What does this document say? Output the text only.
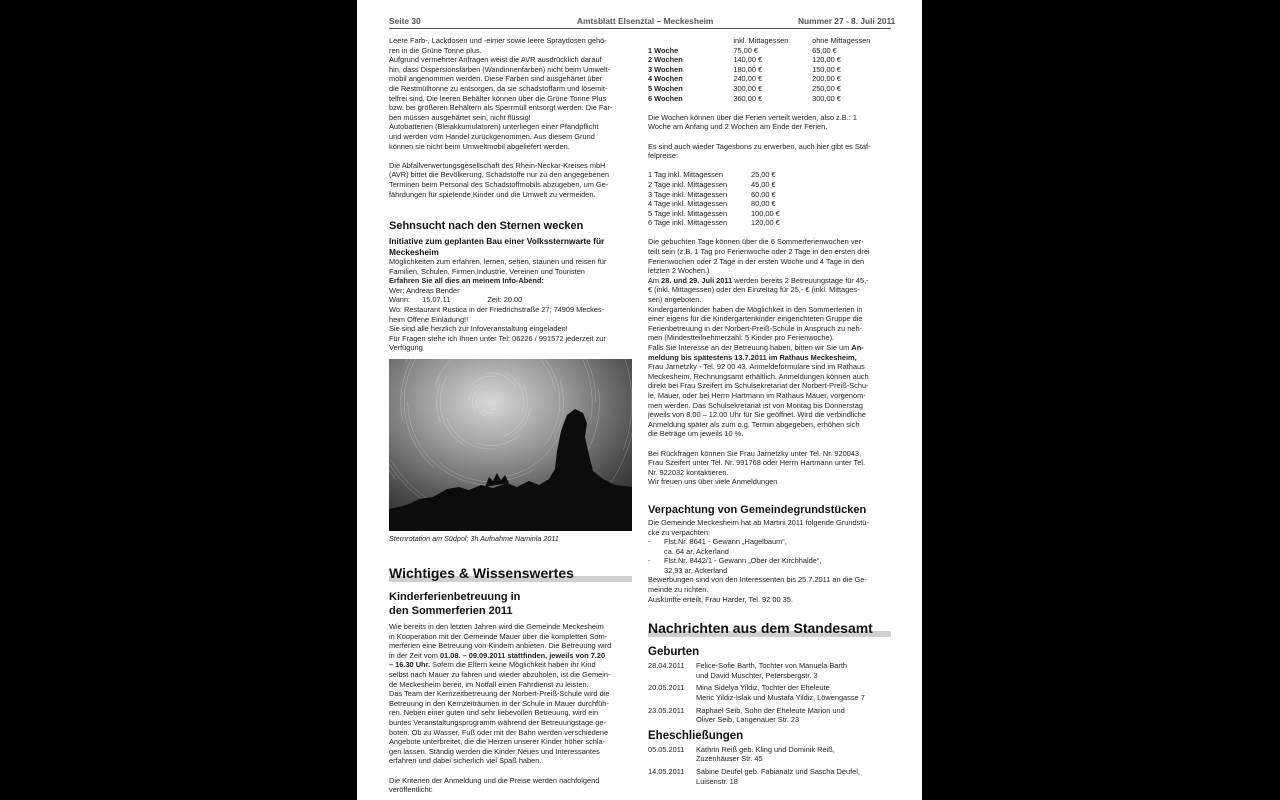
Seite 30	Amtsblatt Elsenztal – Meckesheim	Nummer 27 - 8. Juli 2011
Leere Farb-, Lackdosen und -eimer sowie leere Spraydosen gehö-
ren in die Grüne Tonne plus.
Aufgrund vermehrter Anfragen weist die AVR ausdrücklich darauf
hin, dass Dispersionsfarben (Wandinnenfarben) nicht beim Umwelt-
mobil angenommen werden. Diese Farben sind ausgehärtet über
die Restmülltonne zu entsorgen, da sie schadstoffarm und lösemit-
telfrei sind. Die leeren Behälter können über die Grüne Tonne Plus
bzw. bei größeren Behältern als Sperrmüll entsorgt werden. Die Far-
ben müssen ausgehärtet sein, nicht flüssig!
Autobatterien (Bleiakkumulatoren) unterliegen einer Pfandpflicht
und werden vom Handel zurückgenommen. Aus diesem Grund
können sie nicht beim Umweltmobil abgeliefert werden.
Die Abfallverwertungsgesellschaft des Rhein-Neckar-Kreises mbH
(AVR) bittet die Bevölkerung, Schadstoffe nur zu den angegebenen
Terminen beim Personal des Schadstoffmobils abzugeben, um Ge-
fährdungen für spielende Kinder und die Umwelt zu vermeiden.
Sehnsucht nach den Sternen wecken
Initiative zum geplanten Bau einer Volkssternwarte für Meckesheim
Möglichkeiten zum erfahren, lernen, sehen, staunen und reisen für
Familien, Schulen, Firmen,Industrie, Vereinen und Touristen
Erfahren Sie all dies an meinem Info-Abend:
Wer: Andreas Bender
Wann: 15.07.11	Zeit: 20.00
Wo: Restaurant Rustica in der Friedrichstraße 27; 74909 Meckes-
heim Offene Einladung!!
Sie sind alle herzlich zur Infoveranstaltung eingeladen!
Für Fragen stehe ich Ihnen unter Tel: 06226 / 991572 jederzeit zur
Verfügung
Sternrotation am Südpol; 3h Aufnahme Naminla 2011
Wichtiges & Wissenswertes
Kinderferienbetreuung in
den Sommerferien 2011
Wie bereits in den letzten Jahren wird die Gemeinde Meckesheim
in Kooperation mit der Gemeinde Mauer über die kompletten Som-
merferien eine Betreuung von Kindern anbieten. Die Betreuung wird
in der Zeit vom 01.08. – 09.09.2011 stattfinden, jeweils von 7.20
– 16.30 Uhr. Sofern die Eltern keine Möglichkeit haben ihr Kind
selbst nach Mauer zu fahren und wieder abzuholen, ist die Gemein-
de Meckesheim bereit, im Notfall einen Fahrdienst zu leisten.
Das Team der Kernzeitbetreuung der Norbert-Preiß-Schule wird die
Betreuung in den Kernzeiträumen in der Schule in Mauer durchfüh-
ren. Neben einer guten und sehr liebevollen Betreuung, wird ein
buntes Veranstaltungsprogramm während der Betreuungstage ge-
boten. Ob zu Wasser, Fuß oder mit der Bahn werden verschiedene
Angebote unterbreitet, die die Herzen unserer Kinder höher schla-
gen lassen. Ständig werden die Kinder Neues und Interessantes
erfahren und dabei sicherlich viel Spaß haben.
Die Kriterien der Anmeldung und die Preise werden nachfolgend
veröffentlicht:
	inkl. Mittagessen	ohne Mittagessen
1 Woche	75,00 €	65,00 €
2 Wochen	140,00 €	120,00 €
3 Wochen	180,00 €	150,00 €
4 Wochen	240,00 €	200,00 €
5 Wochen	300,00 €	250,00 €
6 Wochen	360,00 €	300,00 €
Die Wochen können über die Ferien verteilt werden, also z.B.: 1
Woche am Anfang und 2 Wochen am Ende der Ferien.
Es sind auch wieder Tagesbons zu erwerben, auch hier gibt es Staf-
felpreise:
1 Tag inkl. Mittagessen	25,00 €
2 Tage inkl. Mittagessen	45,00 €
3 Tage inkl. Mittagessen	60,00 €
4 Tage inkl. Mittagessen	80,00 €
5 Tage inkl. Mittagessen	100,00 €
6 Tage inkl. Mittagessen	120,00 €
Die gebuchten Tage können über die 6 Sommerferienwochen ver-
teilt sein (z.B. 1 Tag pro Ferienwoche oder 2 Tage in den ersten drei
Ferienwochen oder 2 Tage in der ersten Woche und 4 Tage in den
letzten 2 Wochen.)
Am 28. und 29. Juli 2011 werden bereits 2 Betreuungstage für 45,-
€ (inkl. Mittagessen) oder den Einzeltag für 25,- € (inkl. Mittages-
sen) angeboten.
Kindergartenkinder haben die Möglichkeit in den Sommerferien in
einer eigens für die Kindergartenkinder eingerichteten Gruppe die
Ferienbetreuung in der Norbert-Preiß-Schule in Anspruch zu neh-
men (Mindestteilnehmerzahl: 5 Kinder pro Ferienwoche).
Falls Sie Interesse an der Betreuung haben, bitten wir Sie um An-
meldung bis spätestens 13.7.2011 im Rathaus Meckesheim,
Frau Jarnetzky - Tel. 92 00 43. Anmeldeformulare sind im Rathaus
Meckesheim, Rechnungsamt erhältlich. Anmeldungen können auch
direkt bei Frau Szeifert im Schulsekretariat der Norbert-Preiß-Schu-
le, Mauer, oder bei Herrn Hartmann im Rathaus Mauer, vorgenom-
men werden. Das Schulsekretariat ist von Montag bis Donnerstag
jeweils von 8.00 – 12.00 Uhr für Sie geöffnet. Wird die verbindliche
Anmeldung später als zum o.g. Termin abgegeben, erhöhen sich
die Beträge um jeweils 10 %.
Bei Rückfragen können Sie Frau Jarnetzky unter Tel. Nr. 920043,
Frau Szeifert unter Tel. Nr. 991768 oder Herrn Hartmann unter Tel.
Nr. 922032 kontaktieren.
Wir freuen uns über viele Anmeldungen
Verpachtung von Gemeindegrundstücken
Die Gemeinde Meckesheim hat ab Martini 2011 folgende Grundstü-
cke zu verpachten:
-	Flst.Nr. 8641 - Gewann „Hagelbaum“,
ca. 64 ar, Ackerland
-	Flst.Nr. 8442/1 - Gewann „Ober der Kirchhalde“,
32,93 ar, Ackerland
Bewerbungen sind von den Interessenten bis 25.7.2011 an die Ge-
meinde zu richten.
Auskünfte erteilt, Frau Harder, Tel. 92 00 35.
Nachrichten aus dem Standesamt
Geburten
28.04.2011	Felice-Sofie Barth, Tochter von Manuela Barth
und David Muschter, Petersbergstr. 3
20.05.2011	Mina Sidelya Yildiz, Tochter der Eheleute
Meric Yildiz-Islak und Mustafa Yildiz, Löwengasse 7
23.05.2011	Raphael Seib, Sohn der Eheleute Marion und
Oliver Seib, Langenauer Str. 23
Eheschließungen
05.05.2011	Kathrin Reiß geb. Kling und Dominik Reiß,
Zuzenhäuser Str. 45
14.05.2011	Sabine Deufel geb. Fabianatz und Sascha Deufel,
Luisenstr. 18
